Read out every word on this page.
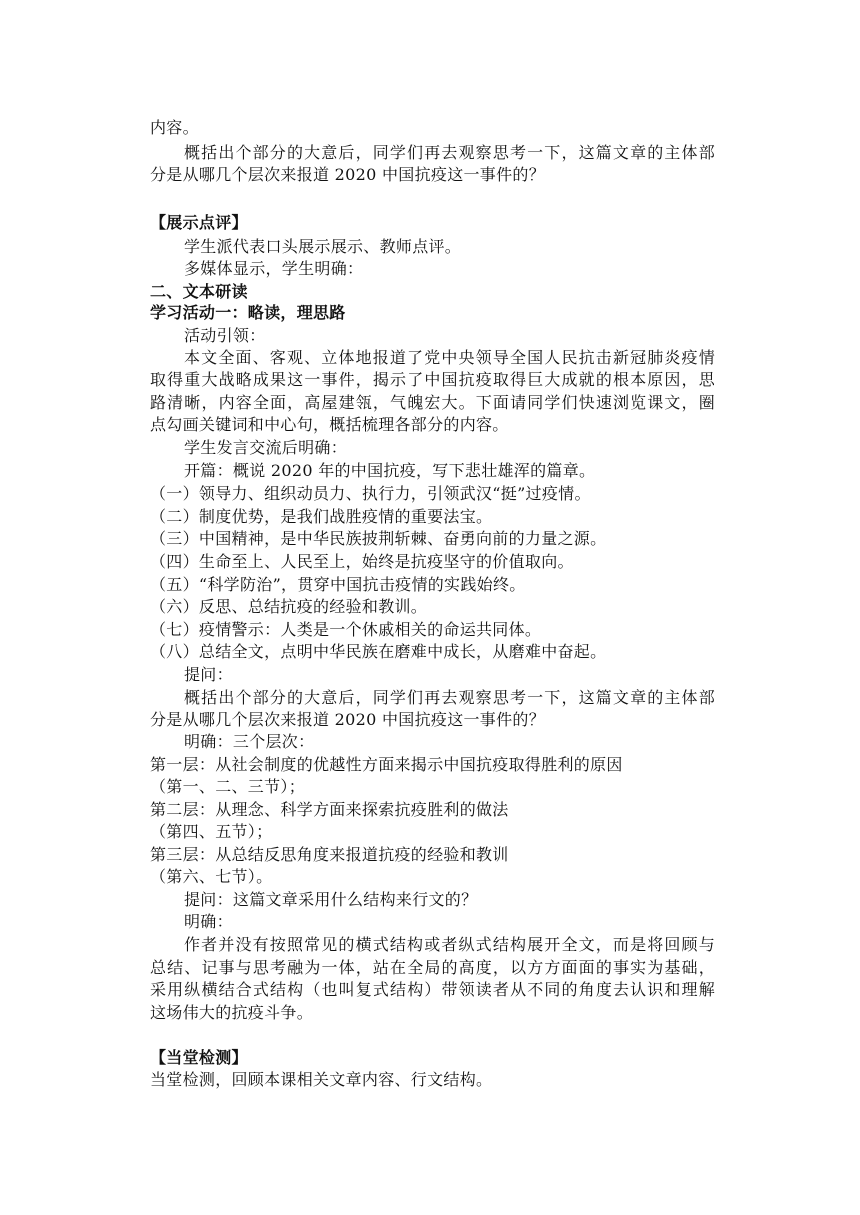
内容。
概括出个部分的大意后，同学们再去观察思考一下，这篇文章的主体部
分是从哪几个层次来报道 2020 中国抗疫这一事件的？
【展示点评】
学生派代表口头展示展示、教师点评。
多媒体显示，学生明确：
二、文本研读
学习活动一：略读，理思路
活动引领：
本文全面、客观、立体地报道了党中央领导全国人民抗击新冠肺炎疫情
取得重大战略成果这一事件，揭示了中国抗疫取得巨大成就的根本原因，思
路清晰，内容全面，高屋建瓴，气魄宏大。下面请同学们快速浏览课文，圈
点勾画关键词和中心句，概括梳理各部分的内容。
学生发言交流后明确：
开篇：概说 2020 年的中国抗疫，写下悲壮雄浑的篇章。
（一）领导力、组织动员力、执行力，引领武汉“挺”过疫情。
（二）制度优势，是我们战胜疫情的重要法宝。
（三）中国精神，是中华民族披荆斩棘、奋勇向前的力量之源。
（四）生命至上、人民至上，始终是抗疫坚守的价值取向。
（五）“科学防治”，贯穿中国抗击疫情的实践始终。
（六）反思、总结抗疫的经验和教训。
（七）疫情警示：人类是一个休戚相关的命运共同体。
（八）总结全文，点明中华民族在磨难中成长，从磨难中奋起。
提问：
概括出个部分的大意后，同学们再去观察思考一下，这篇文章的主体部
分是从哪几个层次来报道 2020 中国抗疫这一事件的？
明确：三个层次：
第一层：从社会制度的优越性方面来揭示中国抗疫取得胜利的原因
（第一、二、三节）；
第二层：从理念、科学方面来探索抗疫胜利的做法
（第四、五节）；
第三层：从总结反思角度来报道抗疫的经验和教训
（第六、七节）。
提问：这篇文章采用什么结构来行文的？
明确：
作者并没有按照常见的横式结构或者纵式结构展开全文，而是将回顾与
总结、记事与思考融为一体，站在全局的高度，以方方面面的事实为基础，
采用纵横结合式结构（也叫复式结构）带领读者从不同的角度去认识和理解
这场伟大的抗疫斗争。
【当堂检测】
当堂检测，回顾本课相关文章内容、行文结构。
